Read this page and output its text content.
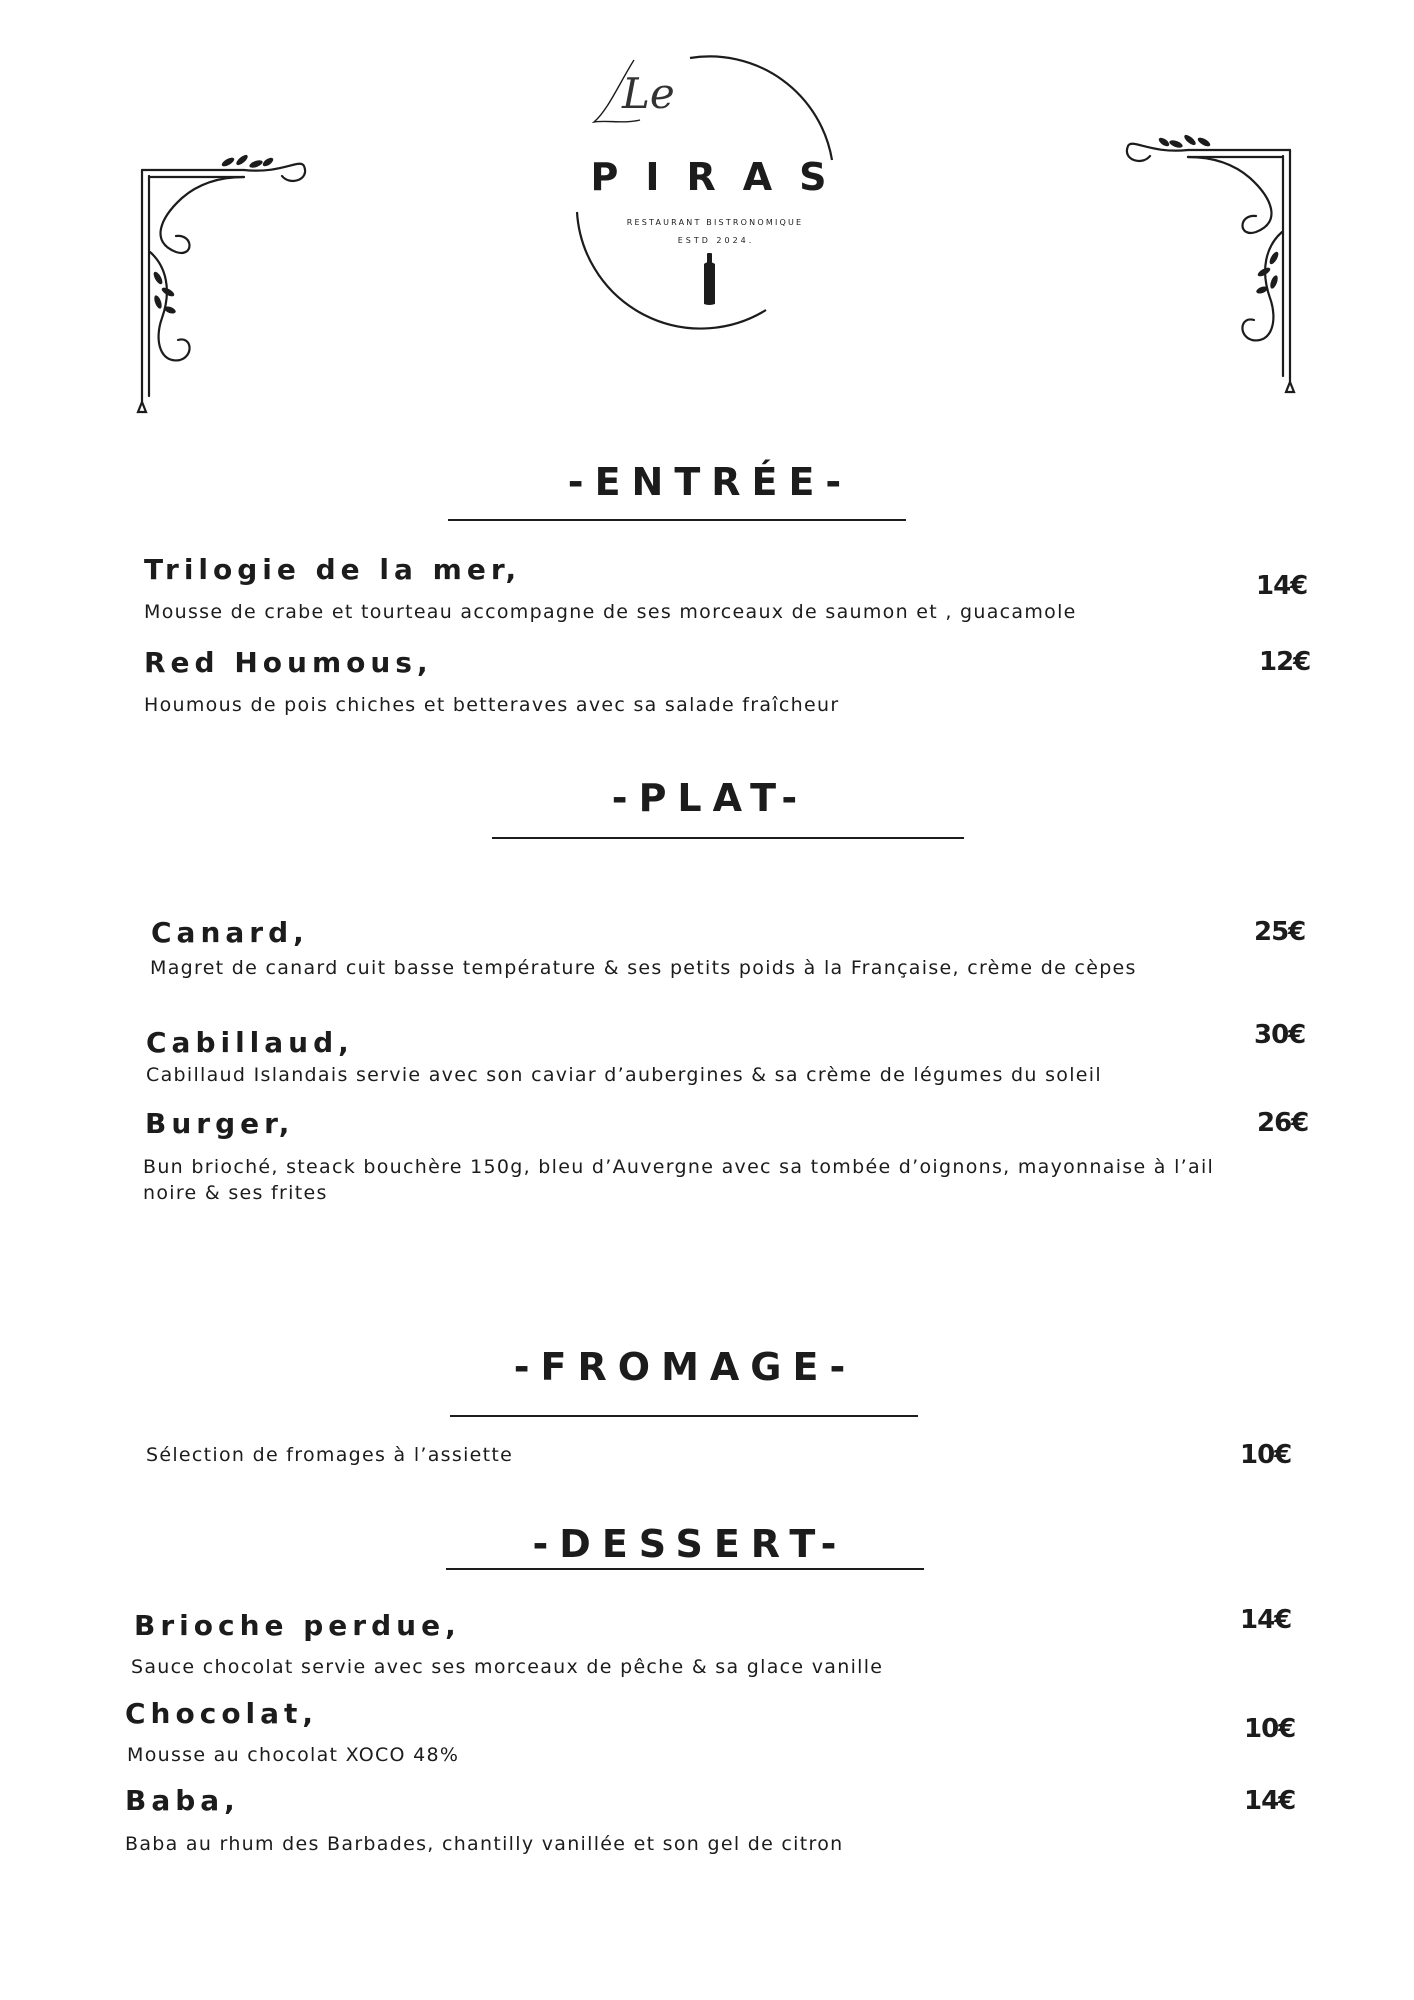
Le
PIRAS
RESTAURANT BISTRONOMIQUE
ESTD 2024.
-ENTRÉE-
Trilogie de la mer,
Mousse de crabe et tourteau accompagne de ses morceaux de saumon et , guacamole
14€
Red Houmous,
Houmous de pois chiches et betteraves avec sa salade fraîcheur
12€
-PLAT-
Canard,
Magret de canard cuit basse température & ses petits poids à la Française, crème de cèpes
25€
Cabillaud,
Cabillaud Islandais servie avec son caviar d’aubergines & sa crème de légumes du soleil
30€
Burger,
Bun brioché, steack bouchère 150g, bleu d’Auvergne avec sa tombée d’oignons, mayonnaise à l’ail noire & ses frites
26€
-FROMAGE-
Sélection de fromages à l’assiette	10€
-DESSERT-
Brioche perdue,
Sauce chocolat servie avec ses morceaux de pêche & sa glace vanille
14€
Chocolat,
Mousse au chocolat XOCO 48%
10€
Baba,
Baba au rhum des Barbades, chantilly vanillée et son gel de citron
14€
